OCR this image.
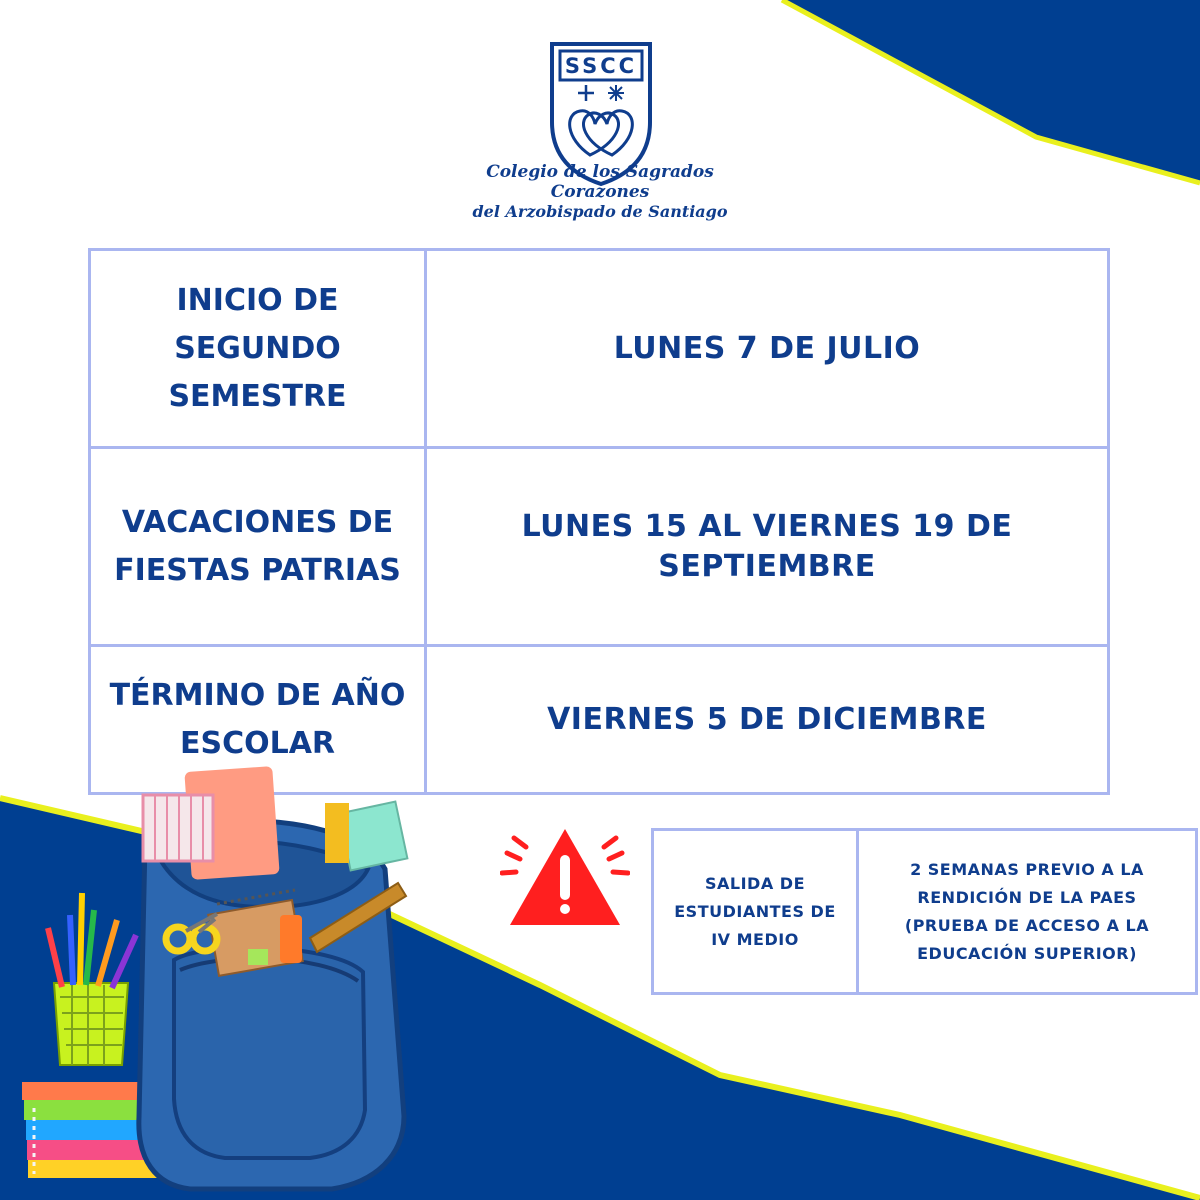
SSCC
Colegio de los Sagrados Corazones
del Arzobispado de Santiago
INICIO DE SEGUNDO SEMESTRE	LUNES 7 DE JULIO
VACACIONES DE FIESTAS PATRIAS	LUNES 15 AL VIERNES 19 DE SEPTIEMBRE
TÉRMINO DE AÑO ESCOLAR	VIERNES 5 DE DICIEMBRE
SALIDA DE ESTUDIANTES DE IV MEDIO	2 SEMANAS PREVIO A LA RENDICIÓN DE LA PAES (PRUEBA DE ACCESO A LA EDUCACIÓN SUPERIOR)
